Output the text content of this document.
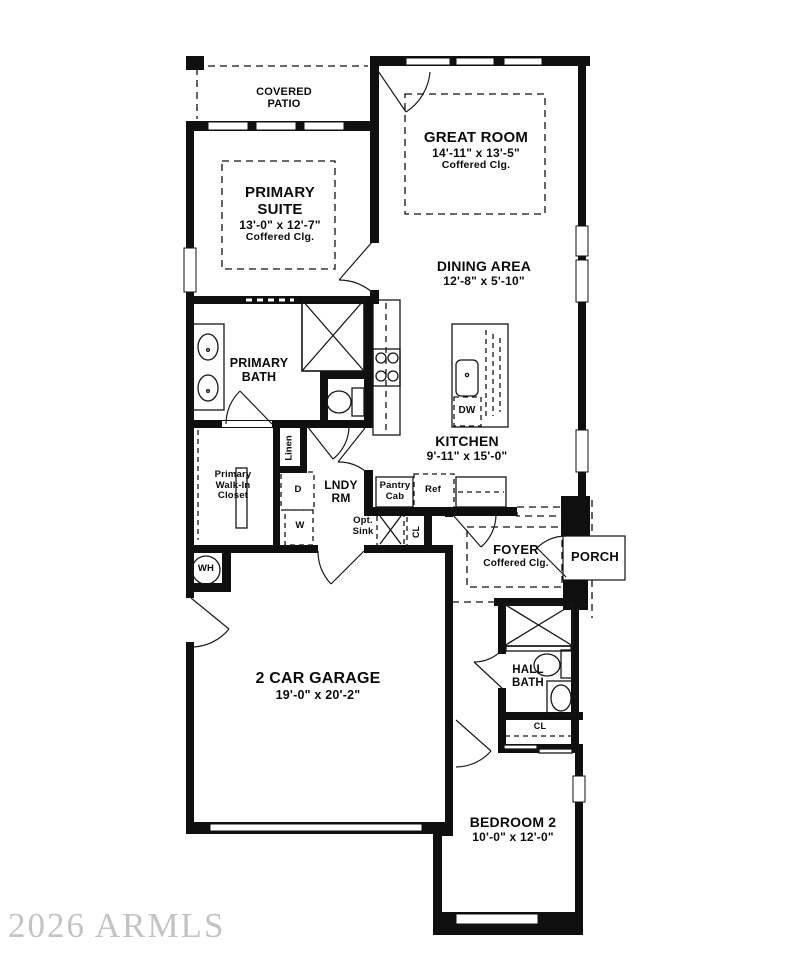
COVERED
PATIO
GREAT ROOM
14'-11" x 13'-5"
Coffered Clg.
PRIMARY
SUITE
13'-0" x 12'-7"
Coffered Clg.
DINING AREA
12'-8" x 5'-10"
PRIMARY
BATH
KITCHEN
9'-11" x 15'-0"
Linen
Primary
Walk-In
Closet
LNDY
RM
D
W	Opt.
Sink
Pantry
Cab
Ref
CL
DW
FOYER
Coffered Clg. PORCH
WH
2 CAR GARAGE
19'-0" x 20'-2"
HALL
BATH
CL
BEDROOM 2
10'-0" x 12'-0"
2026 ARMLS
